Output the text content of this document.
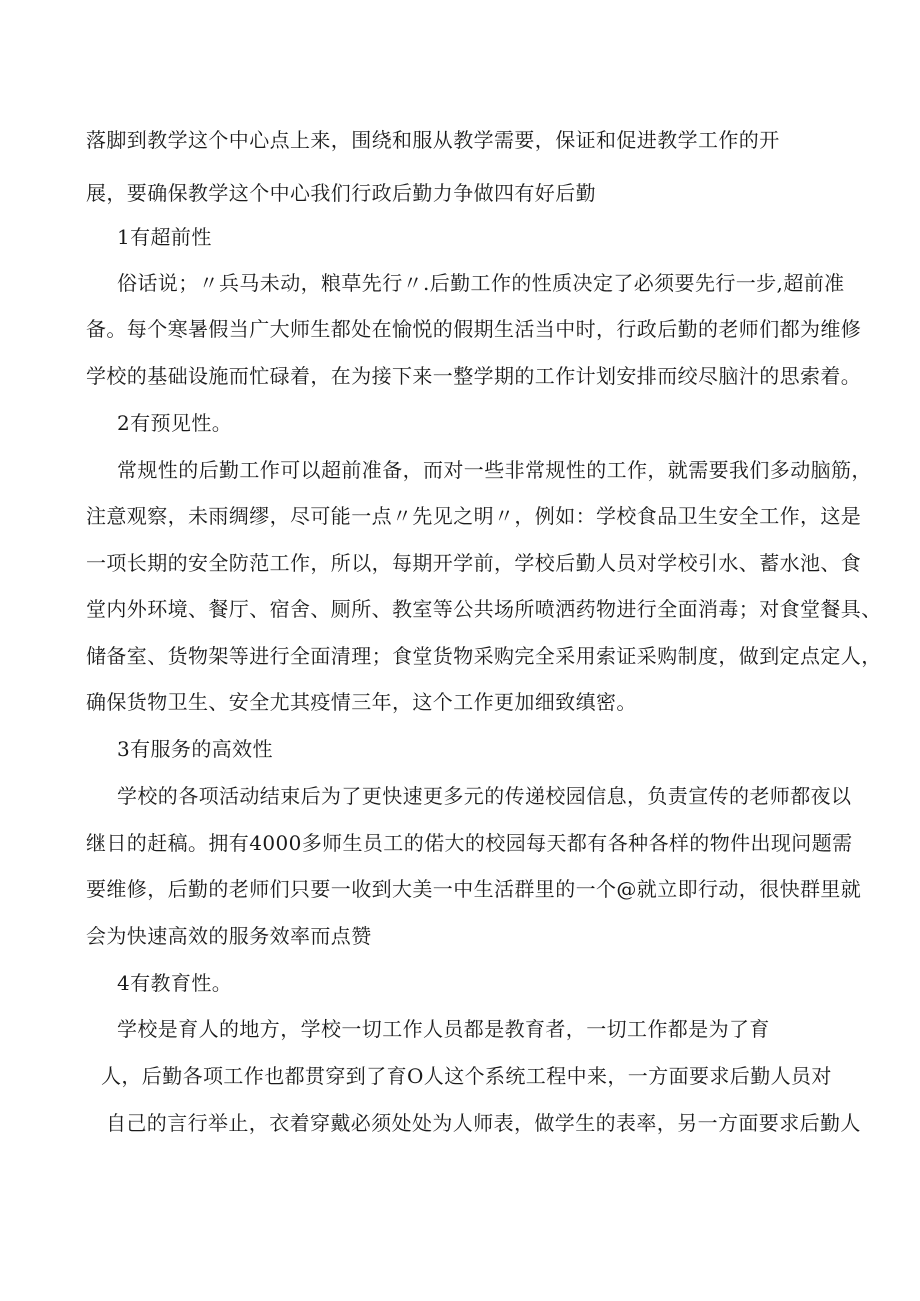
落脚到教学这个中心点上来，围绕和服从教学需要，保证和促进教学工作的开
展，要确保教学这个中心我们行政后勤力争做四有好后勤
1有超前性
俗话说；〃兵马未动，粮草先行〃.后勤工作的性质决定了必须要先行一步,超前准
备。每个寒暑假当广大师生都处在愉悦的假期生活当中时，行政后勤的老师们都为维修
学校的基础设施而忙碌着，在为接下来一整学期的工作计划安排而绞尽脑汁的思索着。
2有预见性。
常规性的后勤工作可以超前准备，而对一些非常规性的工作，就需要我们多动脑筋，
注意观察，未雨绸缪，尽可能一点〃先见之明〃，例如：学校食品卫生安全工作，这是
一项长期的安全防范工作，所以，每期开学前，学校后勤人员对学校引水、蓄水池、食
堂内外环境、餐厅、宿舍、厕所、教室等公共场所喷洒药物进行全面消毒；对食堂餐具、
储备室、货物架等进行全面清理；食堂货物采购完全采用索证采购制度，做到定点定人，
确保货物卫生、安全尤其疫情三年，这个工作更加细致缜密。
3有服务的高效性
学校的各项活动结束后为了更快速更多元的传递校园信息，负责宣传的老师都夜以
继日的赶稿。拥有4000多师生员工的偌大的校园每天都有各种各样的物件出现问题需
要维修，后勤的老师们只要一收到大美一中生活群里的一个@就立即行动，很快群里就
会为快速高效的服务效率而点赞
4有教育性。
学校是育人的地方，学校一切工作人员都是教育者，一切工作都是为了育
人，后勤各项工作也都贯穿到了育O人这个系统工程中来，一方面要求后勤人员对
自己的言行举止，衣着穿戴必须处处为人师表，做学生的表率，另一方面要求后勤人
